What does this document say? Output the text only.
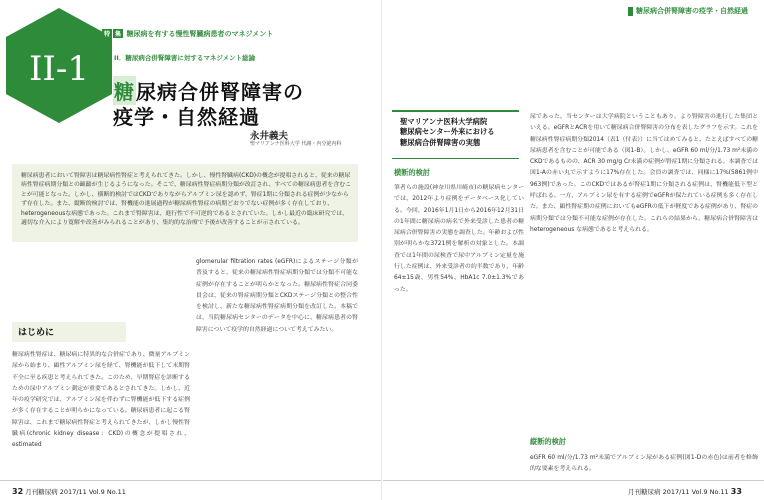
糖尿病合併腎障害の疫学・自然経過
II-1
特 集 糖尿病を有する慢性腎臓病患者のマネジメント
II．糖尿病合併腎障害に対するマネジメント総論
糖尿病合併腎障害の
疫学・自然経過
永井義夫
聖マリアンナ医科大学 代謝・内分泌内科
糖尿病患者において腎障害は糖尿病性腎症と考えられてきた。しかし、慢性腎臓病(CKD)の概念が提唱されると、従来の糖尿病性腎症病期分類との齟齬が生じるようになった。そこで、糖尿病性腎症病期分類が改訂され、すべての糖尿病患者を含むことが可能となった。しかし、横断的検討ではCKDでありながらアルブミン尿を認めず、腎症1期に分類される症例が少なからず存在した。また、縦断的検討では、腎機能の進展過程が糖尿病性腎症の病期どおりでない症例が多く存在しており、heterogeneousな病態であった。これまで腎障害は、進行性で不可逆的であるとされていた。しかし最近の臨床研究では、適切な介入により寛解や改善がみられることがあり、集約的な治療で予後が改善することが示されている。
はじめに
糖尿病性腎症は、糖尿病に特異的な合併症であり、微量アルブミン尿から始まり、顕性アルブミン尿を経て、腎機能が低下して末期腎不全に至る疾患と考えられてきた。このため、早期腎症を診断するための尿中アルブミン測定が重要であるとされてきた。しかし、近年の疫学研究では、アルブミン尿を伴わずに腎機能が低下する症例が多く存在することが明らかになっている。糖尿病患者に起こる腎障害は、これまで糖尿病性腎症と考えられてきたが、しかし慢性腎臓病(chronic kidney disease：CKD)の概念が提唱され、estimated
glomerular filtration rates (eGFR)によるステージ分類が普及すると、従来の糖尿病性腎症病期分類では分類不可能な症例が存在することが明らかとなった。糖尿病性腎症合同委員会は、従来の腎症病期分類とCKDステージ分類との整合性を検討し、新たな糖尿病性腎症病期分類を改訂した。本稿では、当院糖尿病センターのデータを中心に、糖尿病患者の腎障害について疫学的自然経過について考えてみたい。
聖マリアンナ医科大学病院
糖尿病センター外来における
糖尿病合併腎障害の実態
横断的検討
筆者らの施設(神奈川県川崎市)の糖尿病センターでは、2012年より症例をデータベース化している。今回、2016年1月1日から2016年12月31日の1年間に糖尿病の病名で外来受診した患者の糖尿病合併腎障害の実態を調査した。年齢および性別が明らかな3721例を解析の対象とした。本調査では1年間の尿検査で尿中アルブミン定量を施行した症例は、外来受診者の約半数であり、年齢64±15歳、男性54%、HbA1c 7.0±1.3%であった。
尿であった。当センターは大学病院ということもあり、より腎障害の進行した集団といえる。eGFRとACRを用いて糖尿病合併腎障害の分布を表したグラフを示す。これを糖尿病性腎症病期分類2014（表1（付表））に当てはめてみると、たとえばすべての糖尿病患者を含むことが可能である（図1-B）。しかし、eGFR 60 ml/分/1.73 m²未満のCKDであるものの、ACR 30 mg/g Cr未満の症例が腎症1期に分類される。本調査では図1-Aの赤い丸で示すように17%存在した。会員の調査では、同様に17%(5861例中963例)であった。このCKDではあるが腎症1期に分類される症例は、腎機能低下型と呼ばれる。一方、アルブミン尿を有する症例でeGFRが保たれている症例も多く存在した。また、顕性腎症期の症例においてもeGFRの低下が軽度である症例があり、腎症の病期分類では分類不可能な症例が存在した。これらの結果から、糖尿病合併腎障害は heterogeneous な病態であると考えられる。
縦断的検討
eGFR 60 ml/分/1.73 m²未満でアルブミン尿がある症例(図1-Dの赤色)は前者を修飾的な要素を考えられる。
32 月刊糖尿病 2017/11 Vol.9 No.11	月刊糖尿病 2017/11 Vol.9 No.11 33
